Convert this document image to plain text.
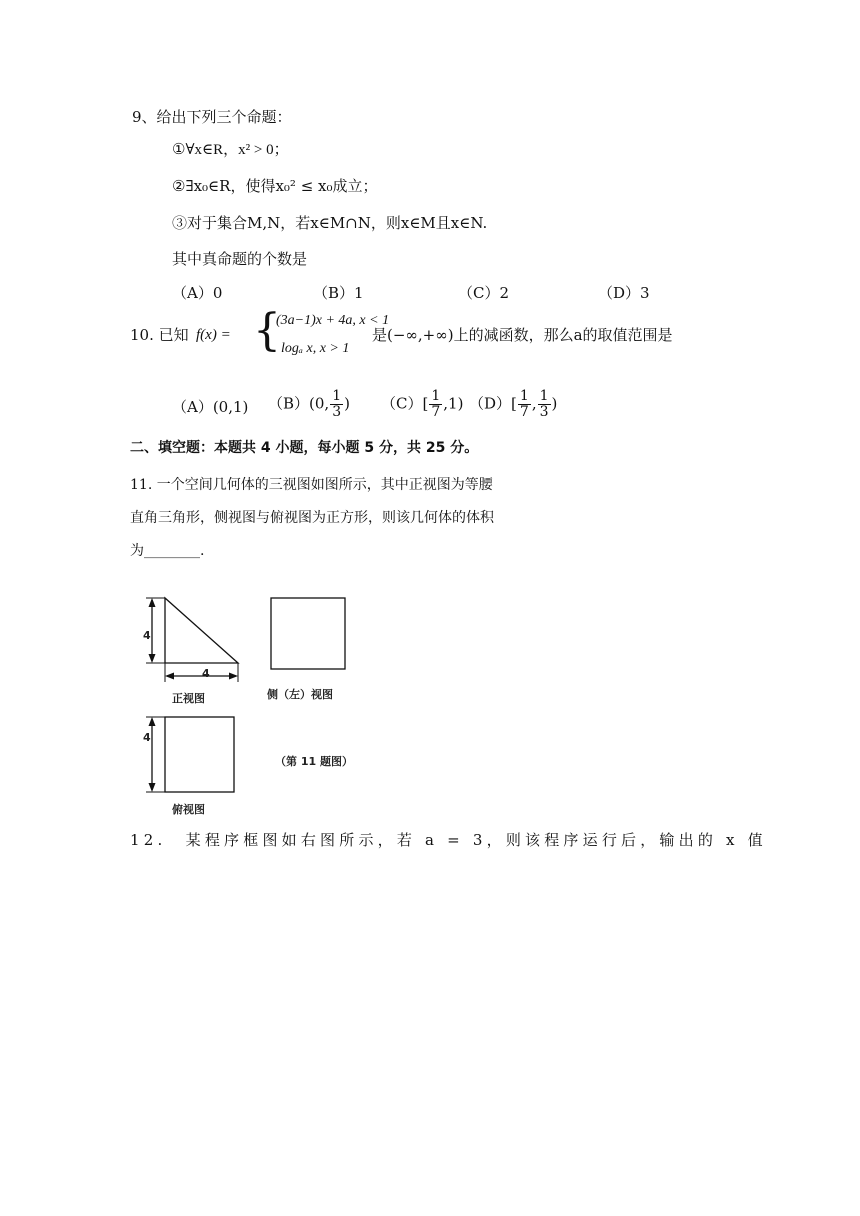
9、给出下列三个命题：
①∀x∈R，x² > 0；
②∃x₀∈R，使得x₀² ≤ x₀成立；
③对于集合M,N，若x∈M∩N，则x∈M且x∈N.
其中真命题的个数是
（A）0	（B）1	（C）2	（D）3
10. 已知 f(x) = {
(3a−1)x + 4a, x < 1
logₐ x, x > 1
是(−∞,+∞)上的减函数，那么a的取值范围是
（A）(0,1) （B）(0, $\frac{1}{3}$ ) $(C)[ \frac{1}{7} ,1)$ $(D)[ \frac{1}{7}$ , $\frac{1}{3}$ )
二、填空题：本题共 4 小题，每小题 5 分，共 25 分。
11. 一个空间几何体的三视图如图所示，其中正视图为等腰
直角三角形，侧视图与俯视图为正方形，则该几何体的体积
为________.
4
4
4
正视图	侧（左）视图
（第 11 题图）
俯视图
12.　某程序框图如右图所示，若 a = 3，则该程序运行后，输出的 x 值
